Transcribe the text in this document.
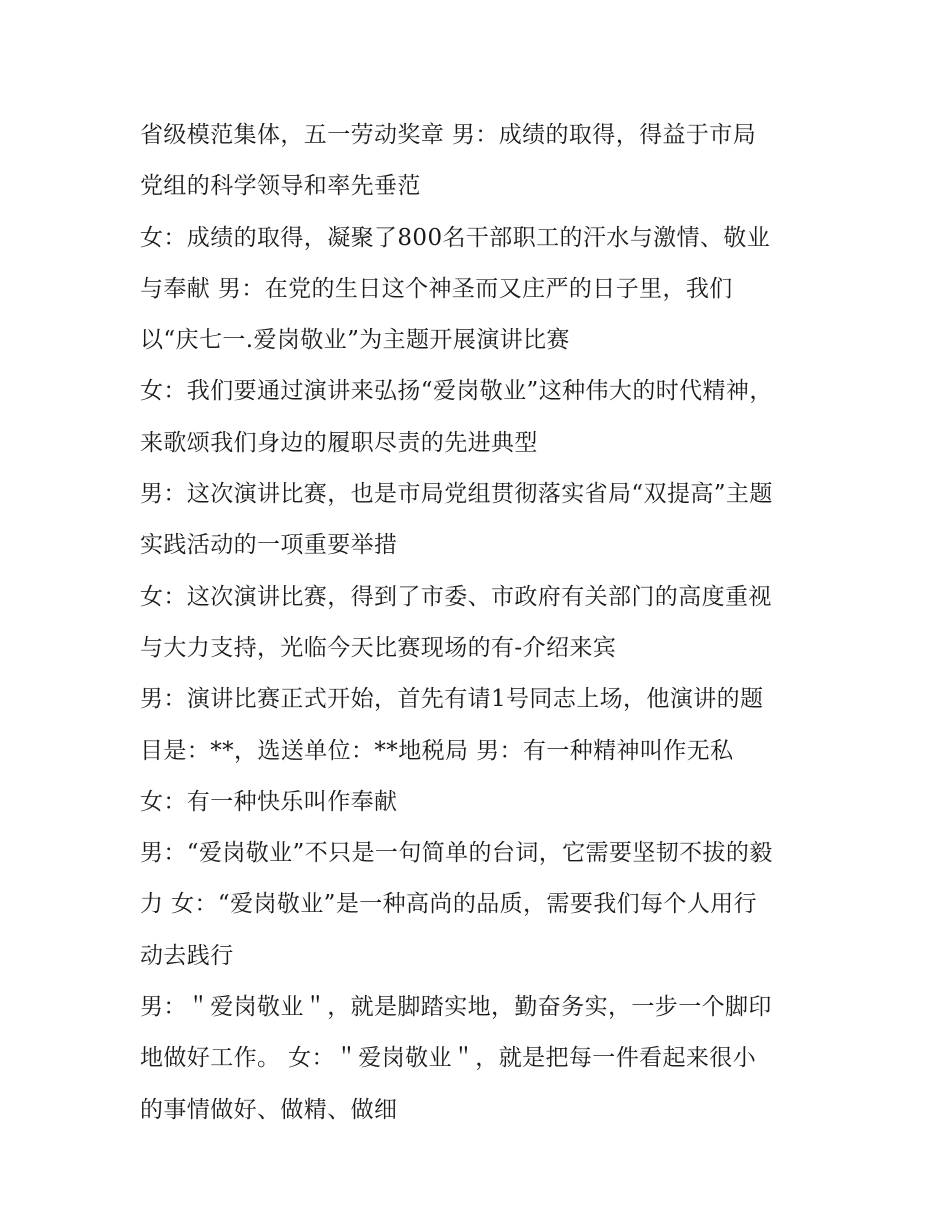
省级模范集体，五一劳动奖章 男：成绩的取得，得益于市局
党组的科学领导和率先垂范
女：成绩的取得，凝聚了800名干部职工的汗水与激情、敬业
与奉献 男：在党的生日这个神圣而又庄严的日子里，我们
以“庆七一.爱岗敬业”为主题开展演讲比赛
女：我们要通过演讲来弘扬“爱岗敬业”这种伟大的时代精神，
来歌颂我们身边的履职尽责的先进典型
男：这次演讲比赛，也是市局党组贯彻落实省局“双提高”主题
实践活动的一项重要举措
女：这次演讲比赛，得到了市委、市政府有关部门的高度重视
与大力支持，光临今天比赛现场的有-介绍来宾
男：演讲比赛正式开始，首先有请1号同志上场，他演讲的题
目是：**，选送单位：**地税局 男：有一种精神叫作无私
女：有一种快乐叫作奉献
男：“爱岗敬业”不只是一句简单的台词，它需要坚韧不拔的毅
力 女：“爱岗敬业”是一种高尚的品质，需要我们每个人用行
动去践行
男：＂爱岗敬业＂，就是脚踏实地，勤奋务实，一步一个脚印
地做好工作。 女：＂爱岗敬业＂，就是把每一件看起来很小
的事情做好、做精、做细
